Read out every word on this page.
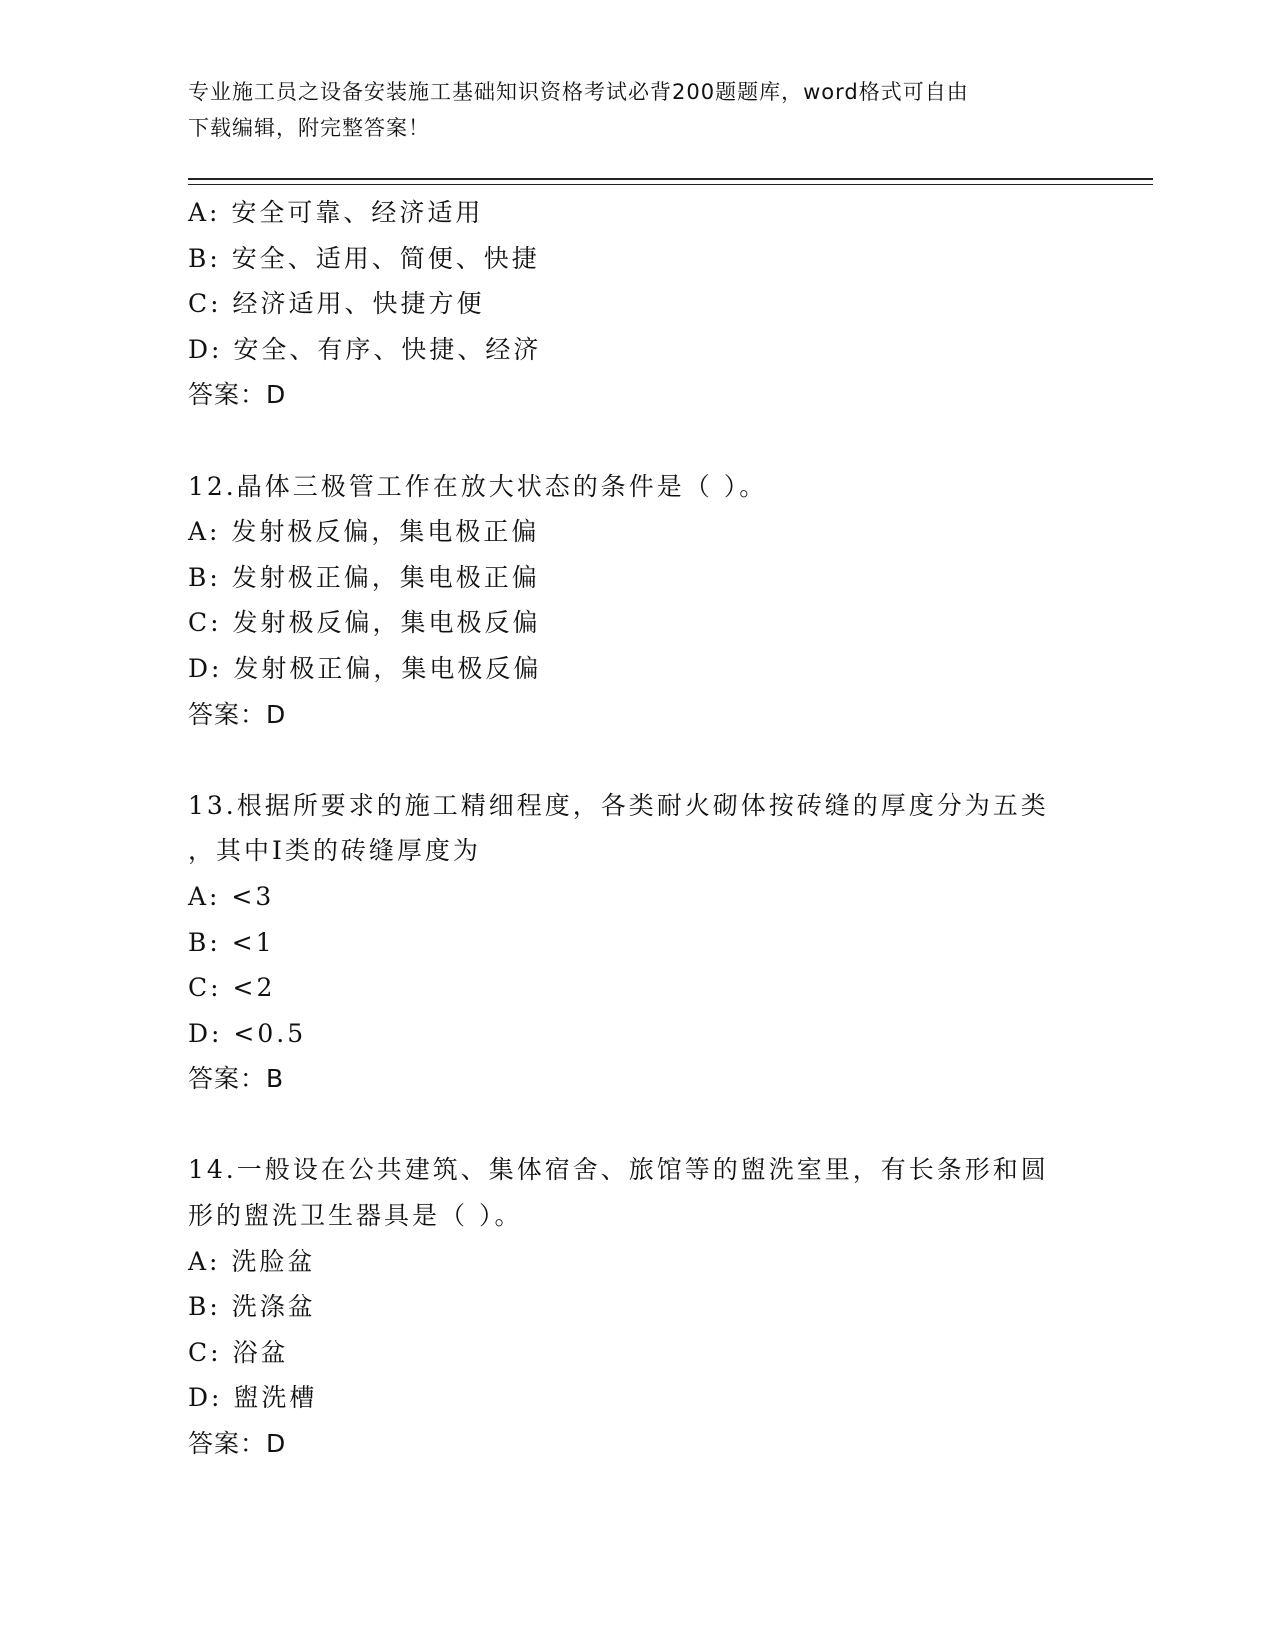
专业施工员之设备安装施工基础知识资格考试必背200题题库，word格式可自由
下载编辑，附完整答案！
A: 安全可靠、经济适用
B: 安全、适用、简便、快捷
C: 经济适用、快捷方便
D: 安全、有序、快捷、经济
答案：D
12.晶体三极管工作在放大状态的条件是（ ）。
A: 发射极反偏，集电极正偏
B: 发射极正偏，集电极正偏
C: 发射极反偏，集电极反偏
D: 发射极正偏，集电极反偏
答案：D
13.根据所要求的施工精细程度，各类耐火砌体按砖缝的厚度分为五类
，其中Ⅰ类的砖缝厚度为
A: <3
B: <1
C: <2
D: <0.5
答案：B
14.一般设在公共建筑、集体宿舍、旅馆等的盥洗室里，有长条形和圆
形的盥洗卫生器具是（ ）。
A: 洗脸盆
B: 洗涤盆
C: 浴盆
D: 盥洗槽
答案：D
